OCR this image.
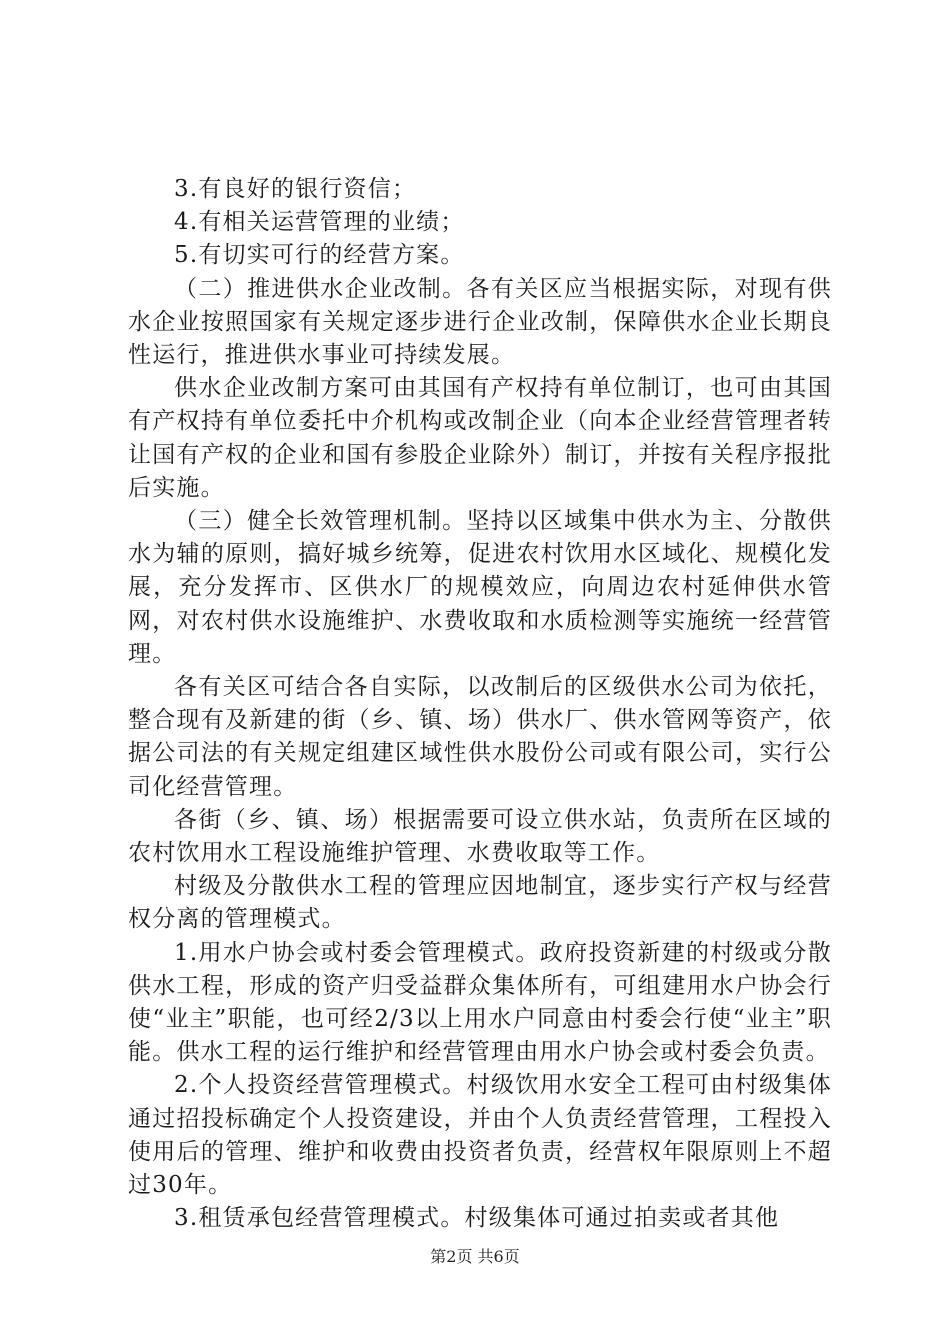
3.有良好的银行资信；

4.有相关运营管理的业绩；

5.有切实可行的经营方案。

（二）推进供水企业改制。各有关区应当根据实际，对现有供水企业按照国家有关规定逐步进行企业改制，保障供水企业长期良性运行，推进供水事业可持续发展。

供水企业改制方案可由其国有产权持有单位制订，也可由其国有产权持有单位委托中介机构或改制企业（向本企业经营管理者转让国有产权的企业和国有参股企业除外）制订，并按有关程序报批后实施。

（三）健全长效管理机制。坚持以区域集中供水为主、分散供水为辅的原则，搞好城乡统筹，促进农村饮用水区域化、规模化发展，充分发挥市、区供水厂的规模效应，向周边农村延伸供水管网，对农村供水设施维护、水费收取和水质检测等实施统一经营管理。

各有关区可结合各自实际，以改制后的区级供水公司为依托，整合现有及新建的街（乡、镇、场）供水厂、供水管网等资产，依据公司法的有关规定组建区域性供水股份公司或有限公司，实行公司化经营管理。

各街（乡、镇、场）根据需要可设立供水站，负责所在区域的农村饮用水工程设施维护管理、水费收取等工作。

村级及分散供水工程的管理应因地制宜，逐步实行产权与经营权分离的管理模式。

1.用水户协会或村委会管理模式。政府投资新建的村级或分散供水工程，形成的资产归受益群众集体所有，可组建用水户协会行使“业主”职能，也可经2/3以上用水户同意由村委会行使“业主”职能。供水工程的运行维护和经营管理由用水户协会或村委会负责。

2.个人投资经营管理模式。村级饮用水安全工程可由村级集体通过招投标确定个人投资建设，并由个人负责经营管理，工程投入使用后的管理、维护和收费由投资者负责，经营权年限原则上不超过30年。

3.租赁承包经营管理模式。村级集体可通过拍卖或者其他

第2页 共6页
